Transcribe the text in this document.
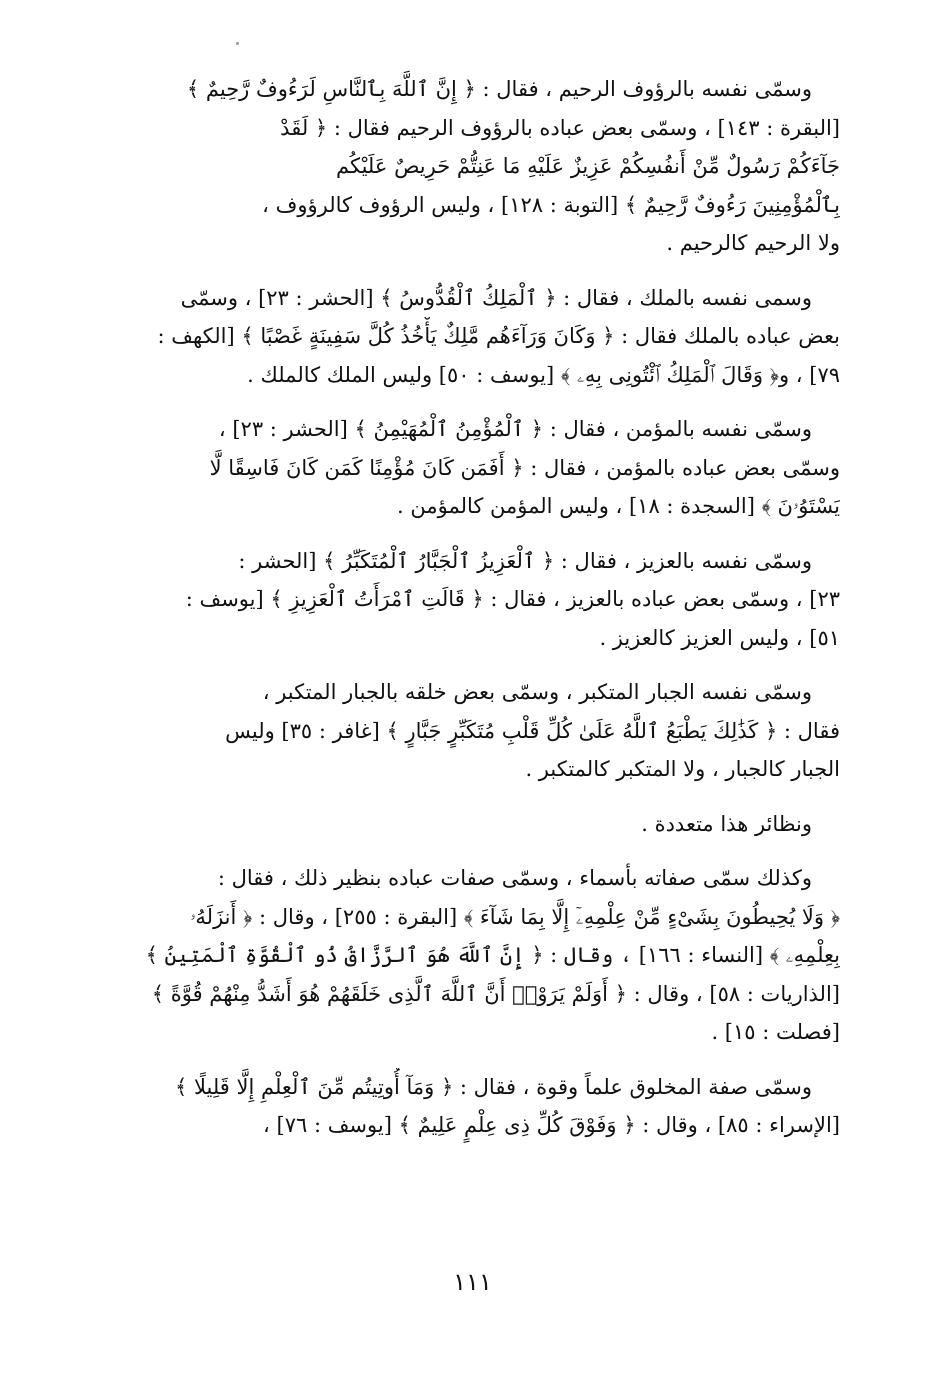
وسمّى نفسه بالرؤوف الرحيم ، فقال : ﴿ إِنَّ ٱللَّهَ بِٱلنَّاسِ لَرَءُوفٌ رَّحِيمٌ ﴾
[البقرة : ١٤٣] ، وسمّى بعض عباده بالرؤوف الرحيم فقال : ﴿ لَقَدْ
جَآءَكُمْ رَسُولٌ مِّنْ أَنفُسِكُمْ عَزِيزٌ عَلَيْهِ مَا عَنِتُّمْ حَرِيصٌ عَلَيْكُم
بِٱلْمُؤْمِنِينَ رَءُوفٌ رَّحِيمٌ ﴾ [التوبة : ١٢٨] ، وليس الرؤوف كالرؤوف ،
ولا الرحيم كالرحيم .
وسمى نفسه بالملك ، فقال : ﴿ ٱلْمَلِكُ ٱلْقُدُّوسُ ﴾ [الحشر : ٢٣] ، وسمّى
بعض عباده بالملك فقال : ﴿ وَكَانَ وَرَآءَهُم مَّلِكٌ يَأْخُذُ كُلَّ سَفِينَةٍ غَصْبًا ﴾ [الكهف :
٧٩] ، و﴿ وَقَالَ ٱلْمَلِكُ ٱئْتُونِى بِهِۦ ﴾ [يوسف : ٥٠] وليس الملك كالملك .
وسمّى نفسه بالمؤمن ، فقال : ﴿ ٱلْمُؤْمِنُ ٱلْمُهَيْمِنُ ﴾ [الحشر : ٢٣] ،
وسمّى بعض عباده بالمؤمن ، فقال : ﴿ أَفَمَن كَانَ مُؤْمِنًا كَمَن كَانَ فَاسِقًا لَّا
يَسْتَوُۥنَ ﴾ [السجدة : ١٨] ، وليس المؤمن كالمؤمن .
وسمّى نفسه بالعزيز ، فقال : ﴿ ٱلْعَزِيزُ ٱلْجَبَّارُ ٱلْمُتَكَبِّرُ ﴾ [الحشر :
٢٣] ، وسمّى بعض عباده بالعزيز ، فقال : ﴿ قَالَتِ ٱمْرَأَتُ ٱلْعَزِيزِ ﴾ [يوسف :
٥١] ، وليس العزيز كالعزيز .
وسمّى نفسه الجبار المتكبر ، وسمّى بعض خلقه بالجبار المتكبر ،
فقال : ﴿ كَذَٰلِكَ يَطْبَعُ ٱللَّهُ عَلَىٰ كُلِّ قَلْبِ مُتَكَبِّرٍ جَبَّارٍ ﴾ [غافر : ٣٥] وليس
الجبار كالجبار ، ولا المتكبر كالمتكبر .
ونظائر هذا متعددة .
وكذلك سمّى صفاته بأسماء ، وسمّى صفات عباده بنظير ذلك ، فقال :
﴿ وَلَا يُحِيطُونَ بِشَىْءٍ مِّنْ عِلْمِهِۦٓ إِلَّا بِمَا شَآءَ ﴾ [البقرة : ٢٥٥] ، وقال : ﴿ أَنزَلَهُۥ
بِعِلْمِهِۦ ﴾ [النساء : ١٦٦] ، وقال : ﴿ إِنَّ ٱللَّهَ هُوَ ٱلرَّزَّاقُ ذُو ٱلْقُوَّةِ ٱلْمَتِينُ ﴾
[الذاريات : ٥٨] ، وقال : ﴿ أَوَلَمْ يَرَوْا۟ أَنَّ ٱللَّهَ ٱلَّذِى خَلَقَهُمْ هُوَ أَشَدُّ مِنْهُمْ قُوَّةً ﴾
[فصلت : ١٥] .
وسمّى صفة المخلوق علماً وقوة ، فقال : ﴿ وَمَآ أُوتِيتُم مِّنَ ٱلْعِلْمِ إِلَّا قَلِيلًا ﴾
[الإسراء : ٨٥] ، وقال : ﴿ وَفَوْقَ كُلِّ ذِى عِلْمٍ عَلِيمٌ ﴾ [يوسف : ٧٦] ،
١١١
